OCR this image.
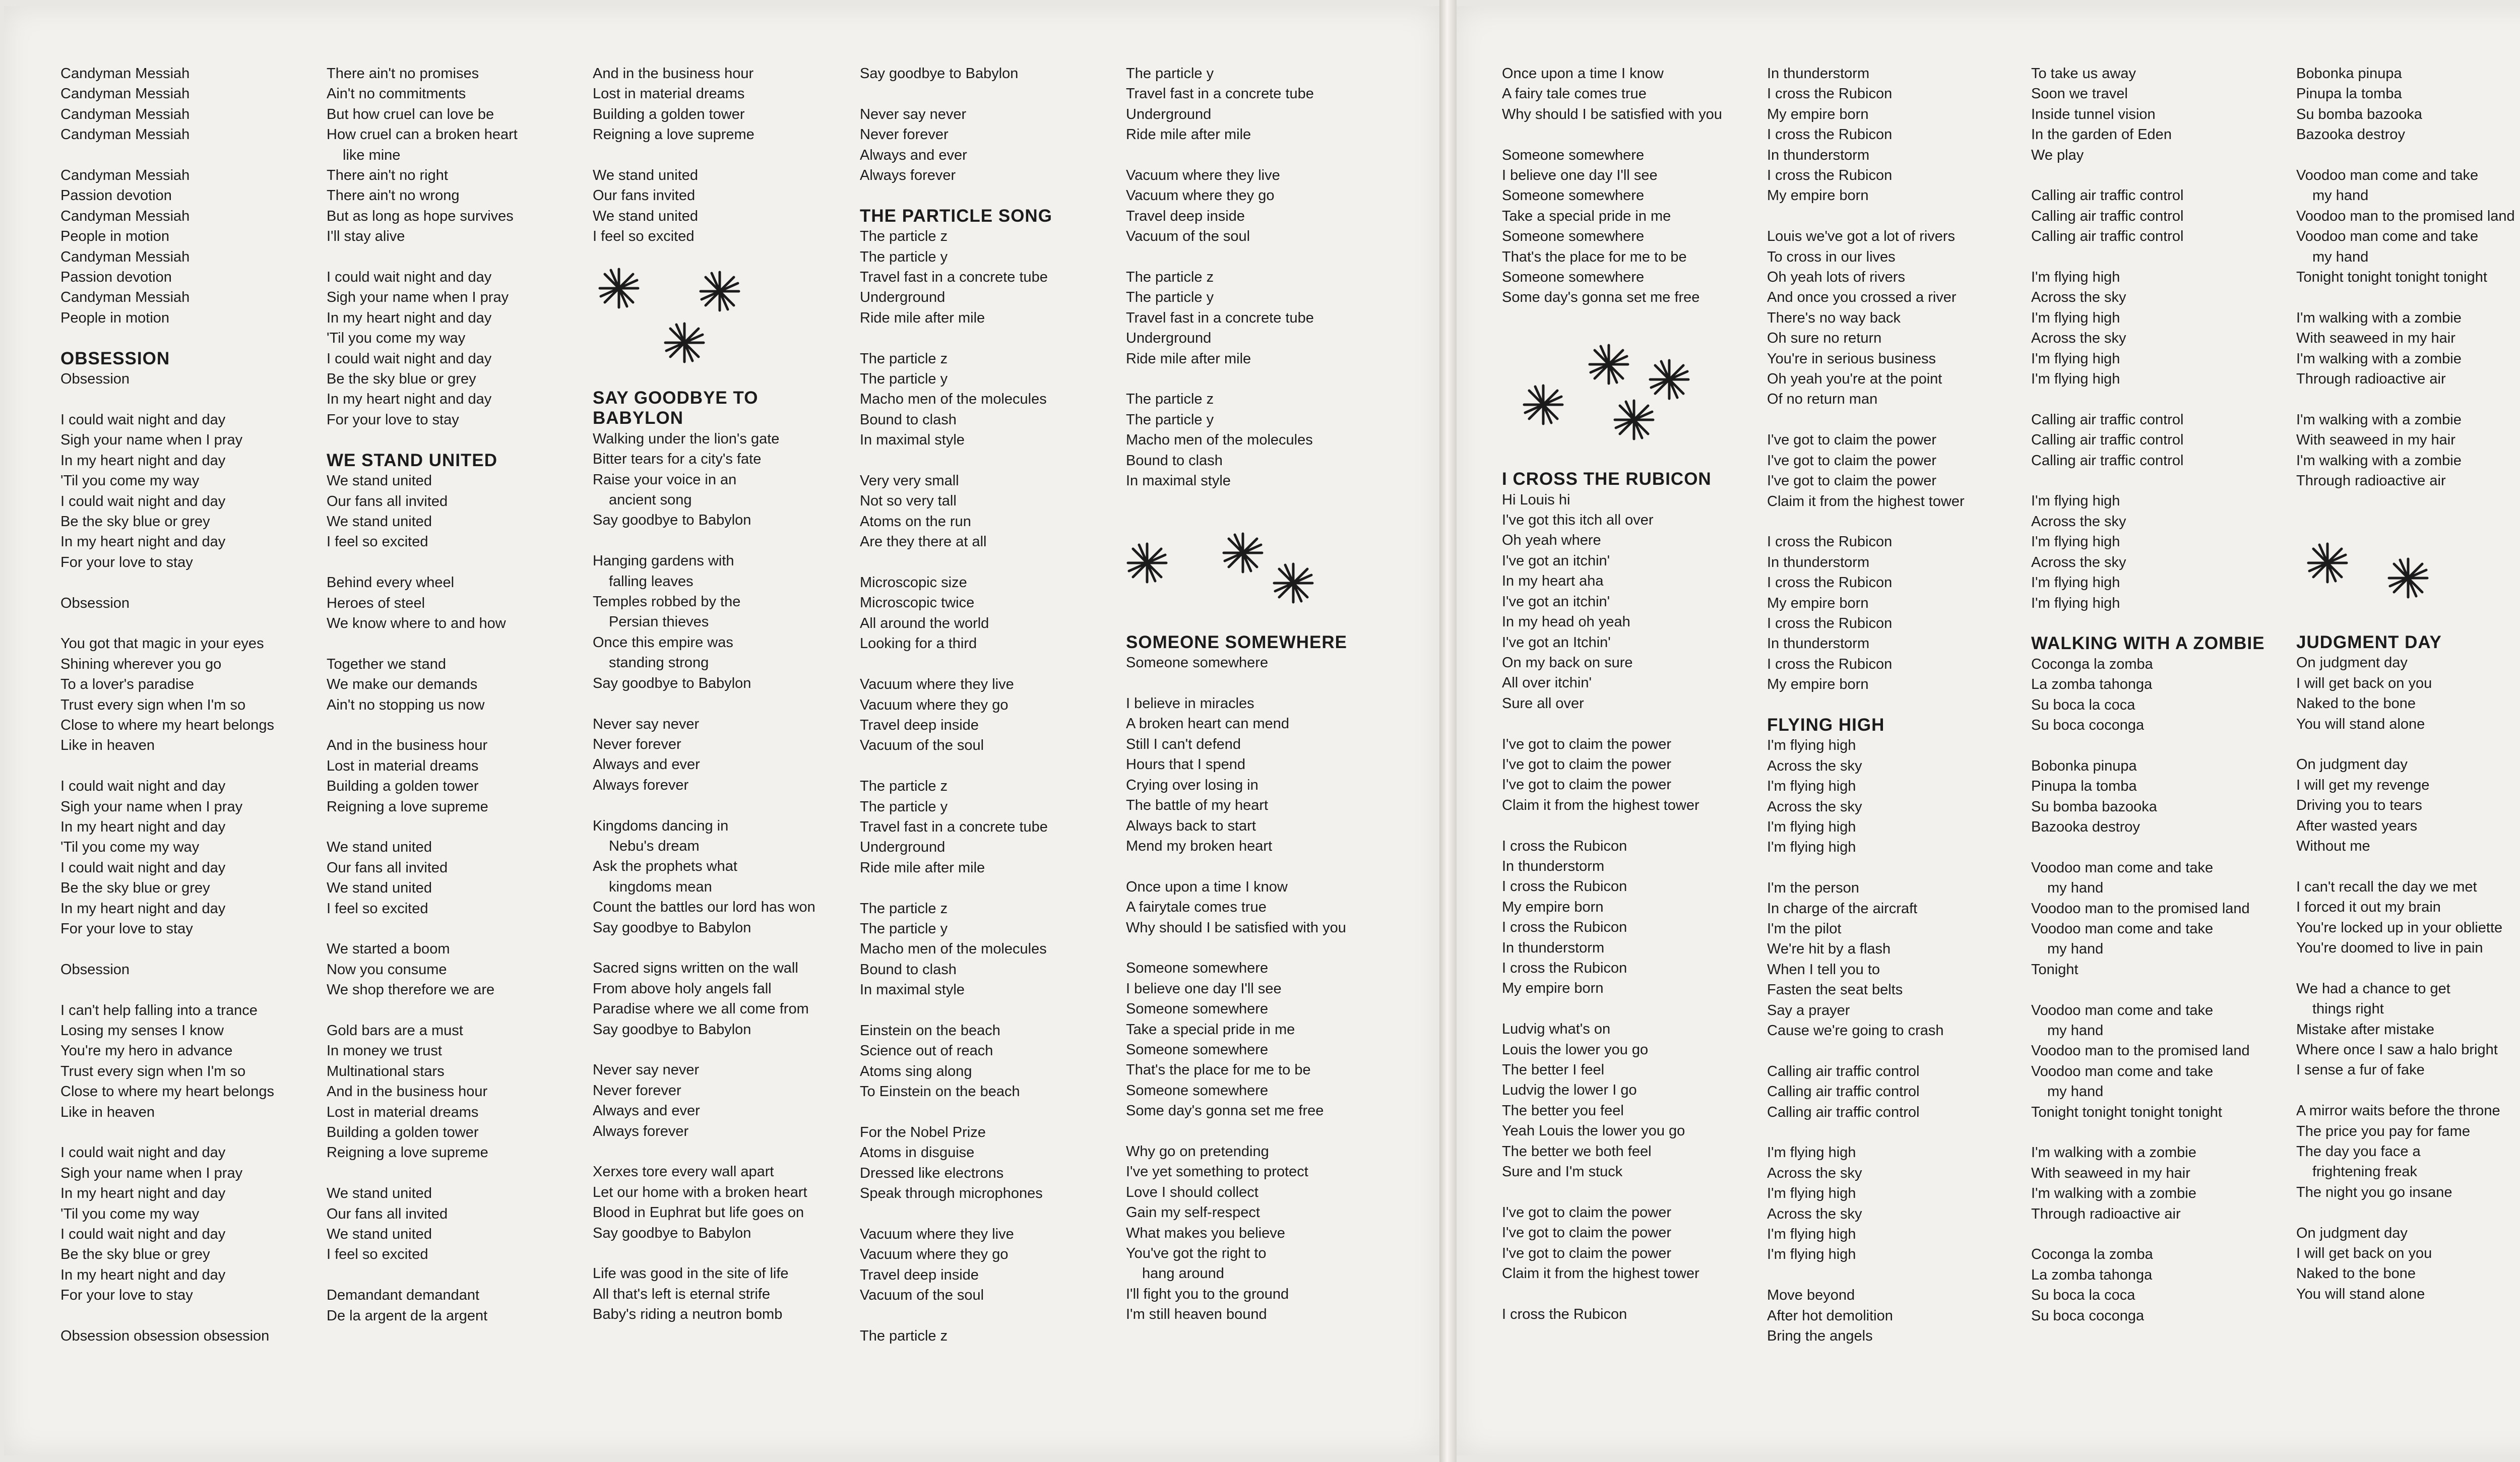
Candyman Messiah
Candyman Messiah
Candyman Messiah
Candyman Messiah

Candyman Messiah
Passion devotion
Candyman Messiah
People in motion
Candyman Messiah
Passion devotion
Candyman Messiah
People in motion
OBSESSION
Obsession
I could wait night and day
Sigh your name when I pray
In my heart night and day
'Til you come my way
I could wait night and day
Be the sky blue or grey
In my heart night and day
For your love to stay
Obsession
You got that magic in your eyes
Shining wherever you go
To a lover's paradise
Trust every sign when I'm so
Close to where my heart belongs
Like in heaven
I could wait night and day
Sigh your name when I pray
In my heart night and day
'Til you come my way
I could wait night and day
Be the sky blue or grey
In my heart night and day
For your love to stay
Obsession
I can't help falling into a trance
Losing my senses I know
You're my hero in advance
Trust every sign when I'm so
Close to where my heart belongs
Like in heaven
I could wait night and day
Sigh your name when I pray
In my heart night and day
'Til you come my way
I could wait night and day
Be the sky blue or grey
In my heart night and day
For your love to stay
Obsession obsession obsession
There ain't no promises
Ain't no commitments
But how cruel can love be
How cruel can a broken heart
like mine
There ain't no right
There ain't no wrong
But as long as hope survives
I'll stay alive
I could wait night and day
Sigh your name when I pray
In my heart night and day
'Til you come my way
I could wait night and day
Be the sky blue or grey
In my heart night and day
For your love to stay
WE STAND UNITED
We stand united
Our fans all invited
We stand united
I feel so excited
Behind every wheel
Heroes of steel
We know where to and how
Together we stand
We make our demands
Ain't no stopping us now
And in the business hour
Lost in material dreams
Building a golden tower
Reigning a love supreme
We stand united
Our fans all invited
We stand united
I feel so excited
We started a boom
Now you consume
We shop therefore we are
Gold bars are a must
In money we trust
Multinational stars
And in the business hour
Lost in material dreams
Building a golden tower
Reigning a love supreme
We stand united
Our fans all invited
We stand united
I feel so excited
Demandant demandant
De la argent de la argent
And in the business hour
Lost in material dreams
Building a golden tower
Reigning a love supreme
We stand united
Our fans invited
We stand united
I feel so excited
SAY GOODBYE TO BABYLON
Walking under the lion's gate
Bitter tears for a city's fate
Raise your voice in an
ancient song
Say goodbye to Babylon
Hanging gardens with
falling leaves
Temples robbed by the
Persian thieves
Once this empire was
standing strong
Say goodbye to Babylon
Never say never
Never forever
Always and ever
Always forever
Kingdoms dancing in
Nebu's dream
Ask the prophets what
kingdoms mean
Count the battles our lord has won
Say goodbye to Babylon
Sacred signs written on the wall
From above holy angels fall
Paradise where we all come from
Say goodbye to Babylon
Never say never
Never forever
Always and ever
Always forever
Xerxes tore every wall apart
Let our home with a broken heart
Blood in Euphrat but life goes on
Say goodbye to Babylon
Life was good in the site of life
All that's left is eternal strife
Baby's riding a neutron bomb
Say goodbye to Babylon
Never say never
Never forever
Always and ever
Always forever
THE PARTICLE SONG
The particle z
The particle y
Travel fast in a concrete tube
Underground
Ride mile after mile
The particle z
The particle y
Macho men of the molecules
Bound to clash
In maximal style
Very very small
Not so very tall
Atoms on the run
Are they there at all
Microscopic size
Microscopic twice
All around the world
Looking for a third
Vacuum where they live
Vacuum where they go
Travel deep inside
Vacuum of the soul
The particle z
The particle y
Travel fast in a concrete tube
Underground
Ride mile after mile
The particle z
The particle y
Macho men of the molecules
Bound to clash
In maximal style
Einstein on the beach
Science out of reach
Atoms sing along
To Einstein on the beach
For the Nobel Prize
Atoms in disguise
Dressed like electrons
Speak through microphones
Vacuum where they live
Vacuum where they go
Travel deep inside
Vacuum of the soul
The particle z
The particle y
Travel fast in a concrete tube
Underground
Ride mile after mile
Vacuum where they live
Vacuum where they go
Travel deep inside
Vacuum of the soul
The particle z
The particle y
Travel fast in a concrete tube
Underground
Ride mile after mile
The particle z
The particle y
Macho men of the molecules
Bound to clash
In maximal style
SOMEONE SOMEWHERE
Someone somewhere
I believe in miracles
A broken heart can mend
Still I can't defend
Hours that I spend
Crying over losing in
The battle of my heart
Always back to start
Mend my broken heart
Once upon a time I know
A fairytale comes true
Why should I be satisfied with you
Someone somewhere
I believe one day I'll see
Someone somewhere
Take a special pride in me
Someone somewhere
That's the place for me to be
Someone somewhere
Some day's gonna set me free
Why go on pretending
I've yet something to protect
Love I should collect
Gain my self-respect
What makes you believe
You've got the right to
hang around
I'll fight you to the ground
I'm still heaven bound
Once upon a time I know
A fairy tale comes true
Why should I be satisfied with you
Someone somewhere
I believe one day I'll see
Someone somewhere
Take a special pride in me
Someone somewhere
That's the place for me to be
Someone somewhere
Some day's gonna set me free
I CROSS THE RUBICON
Hi Louis hi
I've got this itch all over
Oh yeah where
I've got an itchin'
In my heart aha
I've got an itchin'
In my head oh yeah
I've got an Itchin'
On my back on sure
All over itchin'
Sure all over
I've got to claim the power
I've got to claim the power
I've got to claim the power
Claim it from the highest tower
I cross the Rubicon
In thunderstorm
I cross the Rubicon
My empire born
I cross the Rubicon
In thunderstorm
I cross the Rubicon
My empire born
Ludvig what's on
Louis the lower you go
The better I feel
Ludvig the lower I go
The better you feel
Yeah Louis the lower you go
The better we both feel
Sure and I'm stuck
I've got to claim the power
I've got to claim the power
I've got to claim the power
Claim it from the highest tower
I cross the Rubicon
In thunderstorm
I cross the Rubicon
My empire born
I cross the Rubicon
In thunderstorm
I cross the Rubicon
My empire born
Louis we've got a lot of rivers
To cross in our lives
Oh yeah lots of rivers
And once you crossed a river
There's no way back
Oh sure no return
You're in serious business
Oh yeah you're at the point
Of no return man
I've got to claim the power
I've got to claim the power
I've got to claim the power
Claim it from the highest tower
I cross the Rubicon
In thunderstorm
I cross the Rubicon
My empire born
I cross the Rubicon
In thunderstorm
I cross the Rubicon
My empire born
FLYING HIGH
I'm flying high
Across the sky
I'm flying high
Across the sky
I'm flying high
I'm flying high
I'm the person
In charge of the aircraft
I'm the pilot
We're hit by a flash
When I tell you to
Fasten the seat belts
Say a prayer
Cause we're going to crash
Calling air traffic control
Calling air traffic control
Calling air traffic control
I'm flying high
Across the sky
I'm flying high
Across the sky
I'm flying high
I'm flying high
Move beyond
After hot demolition
Bring the angels
To take us away
Soon we travel
Inside tunnel vision
In the garden of Eden
We play
Calling air traffic control
Calling air traffic control
Calling air traffic control
I'm flying high
Across the sky
I'm flying high
Across the sky
I'm flying high
I'm flying high
Calling air traffic control
Calling air traffic control
Calling air traffic control
I'm flying high
Across the sky
I'm flying high
Across the sky
I'm flying high
I'm flying high
WALKING WITH A ZOMBIE
Coconga la zomba
La zomba tahonga
Su boca la coca
Su boca coconga
Bobonka pinupa
Pinupa la tomba
Su bomba bazooka
Bazooka destroy
Voodoo man come and take
my hand
Voodoo man to the promised land
Voodoo man come and take
my hand
Tonight
Voodoo man come and take
my hand
Voodoo man to the promised land
Voodoo man come and take
my hand
Tonight tonight tonight tonight
I'm walking with a zombie
With seaweed in my hair
I'm walking with a zombie
Through radioactive air
Coconga la zomba
La zomba tahonga
Su boca la coca
Su boca coconga
Bobonka pinupa
Pinupa la tomba
Su bomba bazooka
Bazooka destroy
Voodoo man come and take
my hand
Voodoo man to the promised land
Voodoo man come and take
my hand
Tonight tonight tonight tonight
I'm walking with a zombie
With seaweed in my hair
I'm walking with a zombie
Through radioactive air
I'm walking with a zombie
With seaweed in my hair
I'm walking with a zombie
Through radioactive air
JUDGMENT DAY
On judgment day
I will get back on you
Naked to the bone
You will stand alone
On judgment day
I will get my revenge
Driving you to tears
After wasted years
Without me
I can't recall the day we met
I forced it out my brain
You're locked up in your obliette
You're doomed to live in pain
We had a chance to get
things right
Mistake after mistake
Where once I saw a halo bright
I sense a fur of fake
A mirror waits before the throne
The price you pay for fame
The day you face a
frightening freak
The night you go insane
On judgment day
I will get back on you
Naked to the bone
You will stand alone
